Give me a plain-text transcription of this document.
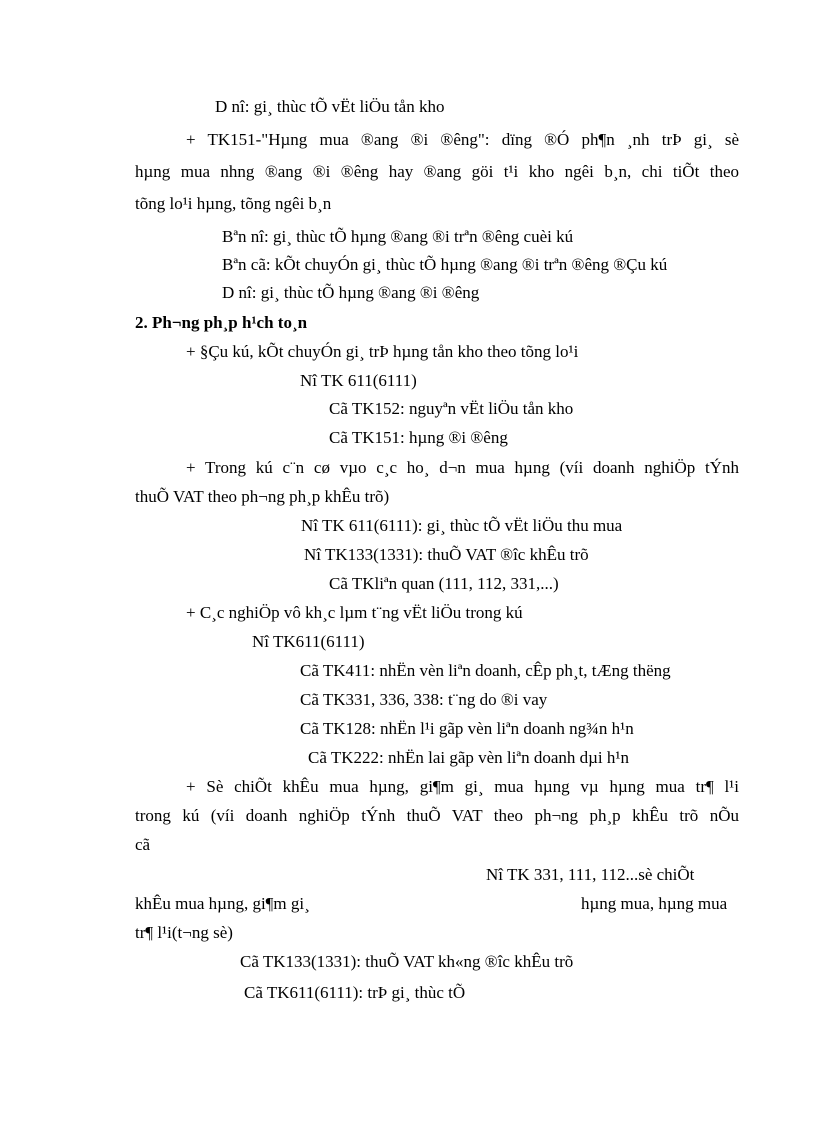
D nî: gi¸ thùc tÕ vËt liÖu tån kho
+ TK151-"Hµng mua ®ang ®i ®êng": dïng ®Ó ph¶n ¸nh trÞ gi¸ sè
hµng mua nhng ®ang ®i ®êng hay ®ang göi t¹i kho ngêi b¸n, chi tiÕt theo
tõng lo¹i hµng, tõng ngêi b¸n
Bªn nî: gi¸ thùc tÕ hµng ®ang ®i trªn ®êng cuèi kú
Bªn cã: kÕt chuyÓn gi¸ thùc tÕ hµng ®ang ®i trªn ®êng ®Çu kú
D nî: gi¸ thùc tÕ hµng ®ang ®i ®êng
2. Ph¬ng ph¸p h¹ch to¸n
+ §Çu kú, kÕt chuyÓn gi¸ trÞ hµng tån kho theo tõng lo¹i
Nî TK 611(6111)
Cã TK152: nguyªn vËt liÖu tån kho
Cã TK151: hµng ®i ®êng
+ Trong kú c¨n cø vµo c¸c ho¸ d¬n mua hµng (víi doanh nghiÖp tÝnh
thuÕ VAT theo ph¬ng ph¸p khÊu trõ)
Nî TK 611(6111): gi¸ thùc tÕ vËt liÖu thu mua
Nî TK133(1331): thuÕ VAT ®îc khÊu trõ
Cã TKliªn quan (111, 112, 331,...)
+ C¸c nghiÖp vô kh¸c lµm t¨ng vËt liÖu trong kú
Nî TK611(6111)
Cã TK411: nhËn vèn liªn doanh, cÊp ph¸t, tÆng thëng
Cã TK331, 336, 338: t¨ng do ®i vay
Cã TK128: nhËn l¹i gãp vèn liªn doanh ng¾n h¹n
Cã TK222: nhËn lai gãp vèn liªn doanh dµi h¹n
+ Sè chiÕt khÊu mua hµng, gi¶m gi¸ mua hµng vµ hµng mua tr¶ l¹i
trong kú (víi doanh nghiÖp tÝnh thuÕ VAT theo ph¬ng ph¸p khÊu trõ nÕu
cã
Nî TK 331, 111, 112...sè chiÕt
khÊu mua hµng, gi¶m gi¸	hµng mua, hµng mua
tr¶ l¹i(t¬ng sè)
Cã TK133(1331): thuÕ VAT kh«ng ®îc khÊu trõ
Cã TK611(6111): trÞ gi¸ thùc tÕ
